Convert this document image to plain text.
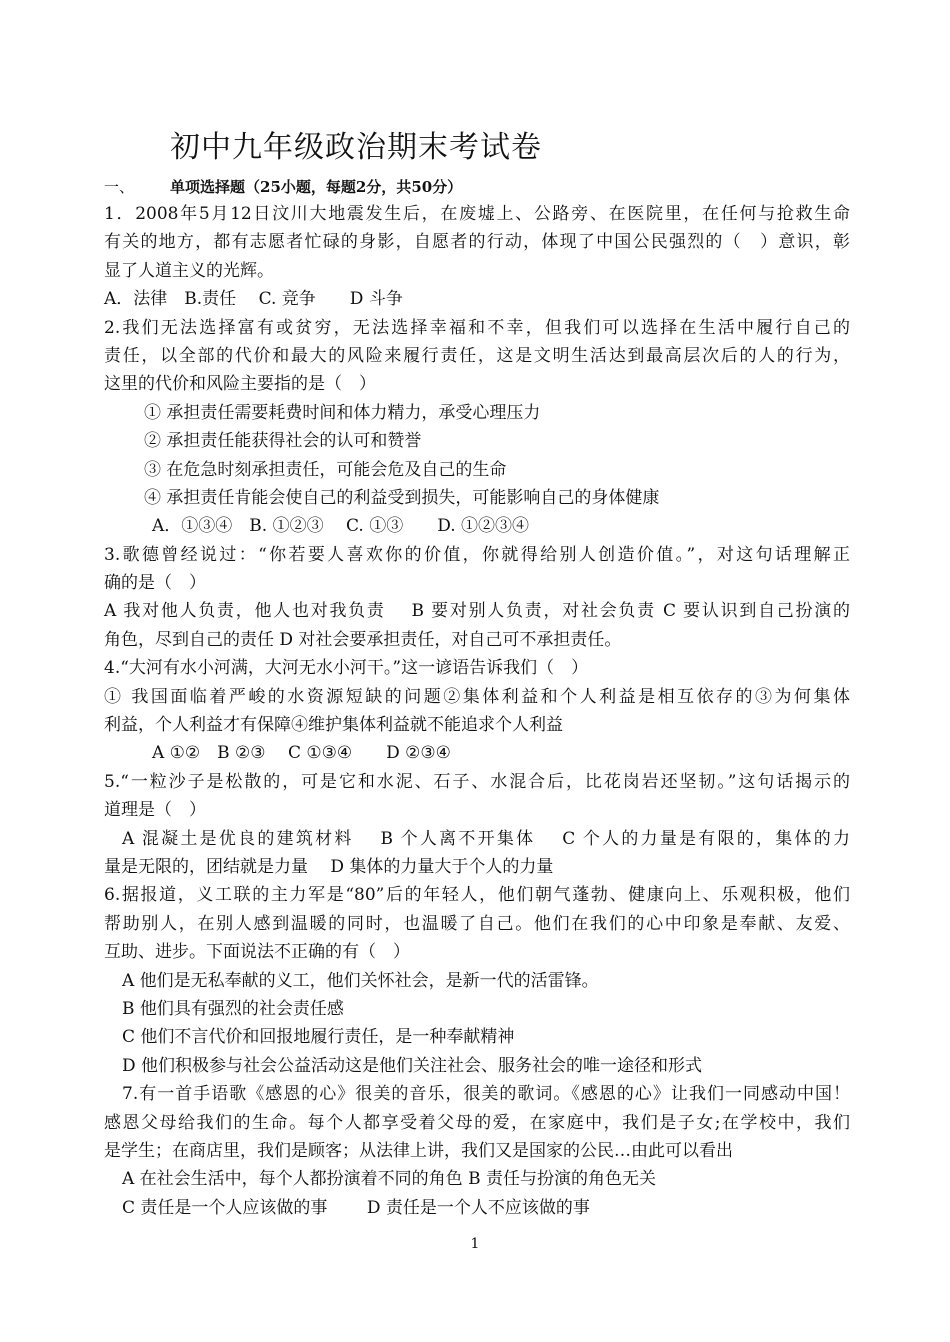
初中九年级政治期末考试卷
一、 单项选择题（25小题，每题2分，共50分）
1．2008年5月12日汶川大地震发生后，在废墟上、公路旁、在医院里，在任何与抢救生命
有关的地方，都有志愿者忙碌的身影，自愿者的行动，体现了中国公民强烈的（　）意识，彰
显了人道主义的光辉。
A．法律　B.责任　 C. 竞争　　D 斗争
2.我们无法选择富有或贫穷，无法选择幸福和不幸，但我们可以选择在生活中履行自己的
责任，以全部的代价和最大的风险来履行责任，这是文明生活达到最高层次后的人的行为，
这里的代价和风险主要指的是（　）
① 承担责任需要耗费时间和体力精力，承受心理压力
② 承担责任能获得社会的认可和赞誉
③ 在危急时刻承担责任，可能会危及自己的生命
④ 承担责任肯能会使自己的利益受到损失，可能影响自己的身体健康
A．①③④　B. ①②③　 C. ①③　　D. ①②③④
3.歌德曾经说过：“你若要人喜欢你的价值，你就得给别人创造价值。”，对这句话理解正
确的是（　）
A 我对他人负责，他人也对我负责　 B 要对别人负责，对社会负责 C 要认识到自己扮演的
角色，尽到自己的责任 D 对社会要承担责任，对自己可不承担责任。
4.“大河有水小河满，大河无水小河干。”这一谚语告诉我们（　）
① 我国面临着严峻的水资源短缺的问题②集体利益和个人利益是相互依存的③为何集体
利益，个人利益才有保障④维护集体利益就不能追求个人利益
A ①②　B ②③　 C ①③④　　D ②③④
5.“一粒沙子是松散的，可是它和水泥、石子、水混合后，比花岗岩还坚韧。”这句话揭示的
道理是（　）
A 混凝土是优良的建筑材料　 B 个人离不开集体　 C 个人的力量是有限的，集体的力
量是无限的，团结就是力量　 D 集体的力量大于个人的力量
6.据报道，义工联的主力军是“80”后的年轻人，他们朝气蓬勃、健康向上、乐观积极，他们
帮助别人，在别人感到温暖的同时，也温暖了自己。他们在我们的心中印象是奉献、友爱、
互助、进步。下面说法不正确的有（　）
A 他们是无私奉献的义工，他们关怀社会，是新一代的活雷锋。
B 他们具有强烈的社会责任感
C 他们不言代价和回报地履行责任，是一种奉献精神
D 他们积极参与社会公益活动这是他们关注社会、服务社会的唯一途径和形式
7.有一首手语歌《感恩的心》很美的音乐，很美的歌词。《感恩的心》让我们一同感动中国！
感恩父母给我们的生命。每个人都享受着父母的爱，在家庭中，我们是子女;在学校中，我们
是学生；在商店里，我们是顾客；从法律上讲，我们又是国家的公民…由此可以看出
A 在社会生活中，每个人都扮演着不同的角色 B 责任与扮演的角色无关
C 责任是一个人应该做的事　　 D 责任是一个人不应该做的事
1
